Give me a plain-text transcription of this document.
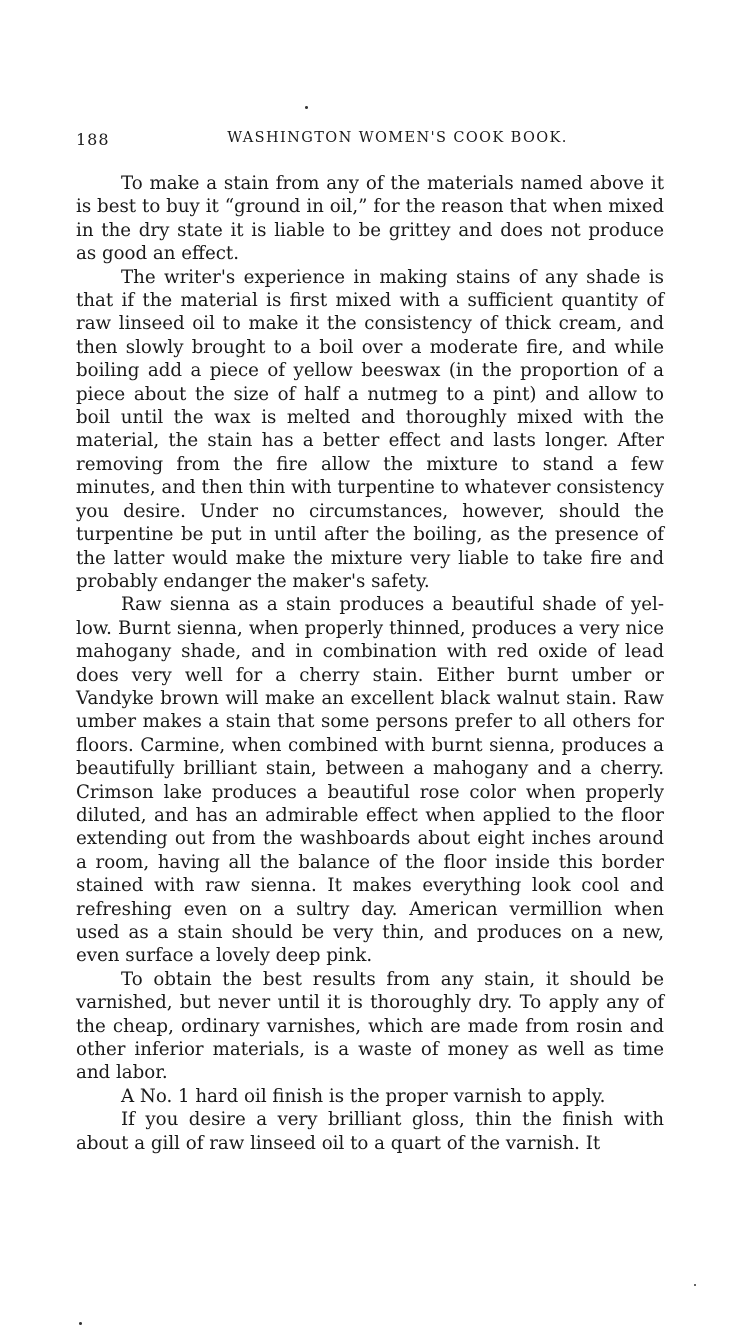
188	WASHINGTON WOMEN'S COOK BOOK.

To make a stain from any of the materials named above it is best to buy it “ground in oil,” for the reason that when mixed in the dry state it is liable to be grittey and does not produce as good an effect.

The writer's experience in making stains of any shade is that if the material is first mixed with a sufficient quantity of raw linseed oil to make it the consistency of thick cream, and then slowly brought to a boil over a moderate fire, and while boiling add a piece of yellow beeswax (in the proportion of a piece about the size of half a nutmeg to a pint) and allow to boil until the wax is melted and thoroughly mixed with the material, the stain has a better effect and lasts longer. After removing from the fire allow the mixture to stand a few minutes, and then thin with turpentine to whatever consistency you desire. Under no circumstances, however, should the turpentine be put in until after the boiling, as the presence of the latter would make the mixture very liable to take fire and probably endanger the maker's safety.

Raw sienna as a stain produces a beautiful shade of yellow. Burnt sienna, when properly thinned, produces a very nice mahogany shade, and in combination with red oxide of lead does very well for a cherry stain. Either burnt umber or Vandyke brown will make an excellent black walnut stain. Raw umber makes a stain that some persons prefer to all others for floors. Carmine, when combined with burnt sienna, produces a beautifully brilliant stain, between a mahogany and a cherry. Crimson lake produces a beautiful rose color when properly diluted, and has an admirable effect when applied to the floor extending out from the washboards about eight inches around a room, having all the balance of the floor inside this border stained with raw sienna. It makes everything look cool and refreshing even on a sultry day. American vermillion when used as a stain should be very thin, and produces on a new, even surface a lovely deep pink.

To obtain the best results from any stain, it should be varnished, but never until it is thoroughly dry. To apply any of the cheap, ordinary varnishes, which are made from rosin and other inferior materials, is a waste of money as well as time and labor.

A No. 1 hard oil finish is the proper varnish to apply.

If you desire a very brilliant gloss, thin the finish with about a gill of raw linseed oil to a quart of the varnish. It
